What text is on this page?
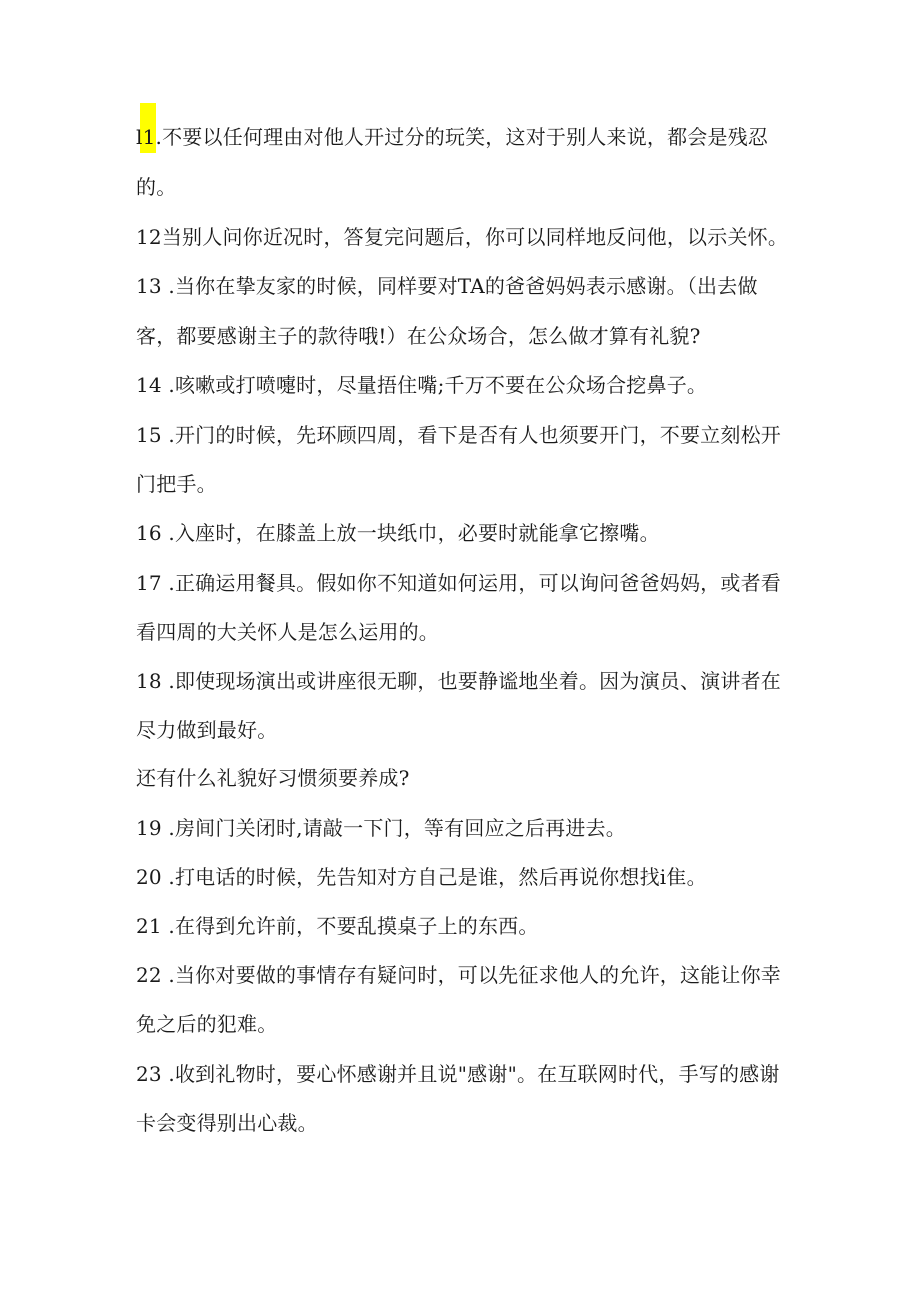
l1.不要以任何理由对他人开过分的玩笑，这对于别人来说，都会是残忍
的。
12当别人问你近况时，答复完问题后，你可以同样地反问他，以示关怀。
13 .当你在挚友家的时候，同样要对TA的爸爸妈妈表示感谢。（出去做
客，都要感谢主子的款待哦!）在公众场合，怎么做才算有礼貌?
14 .咳嗽或打喷嚏时，尽量捂住嘴;千万不要在公众场合挖鼻子。
15 .开门的时候，先环顾四周，看下是否有人也须要开门，不要立刻松开
门把手。
16 .入座时，在膝盖上放一块纸巾，必要时就能拿它擦嘴。
17 .正确运用餐具。假如你不知道如何运用，可以询问爸爸妈妈，或者看
看四周的大关怀人是怎么运用的。
18 .即使现场演出或讲座很无聊，也要静谧地坐着。因为演员、演讲者在
尽力做到最好。
还有什么礼貌好习惯须要养成?
19 .房间门关闭时,请敲一下门，等有回应之后再进去。
20 .打电话的时候，先告知对方自己是谁，然后再说你想找i隹。
21 .在得到允许前，不要乱摸桌子上的东西。
22 .当你对要做的事情存有疑问时，可以先征求他人的允许，这能让你幸
免之后的犯难。
23 .收到礼物时，要心怀感谢并且说"感谢"。在互联网时代，手写的感谢
卡会变得别出心裁。
